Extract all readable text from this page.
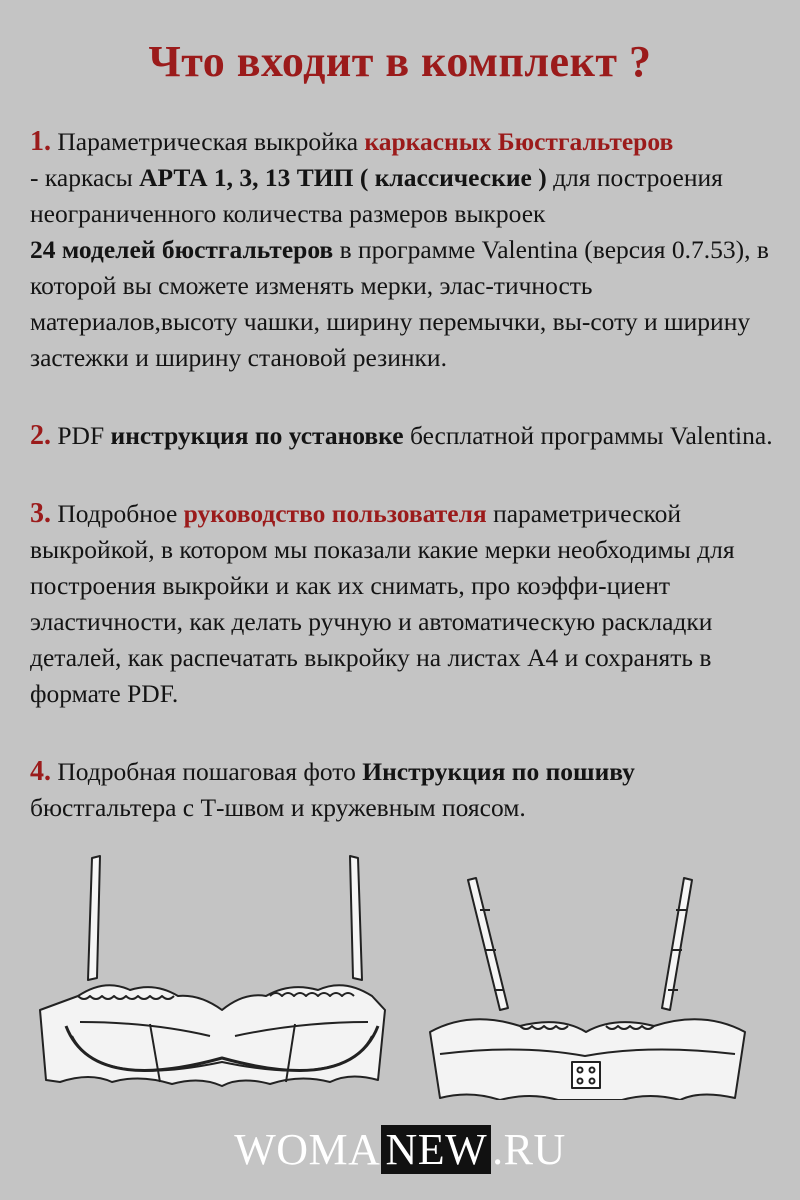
Что входит в комплект ?

1. Параметрическая выкройка каркасных Бюстгальтеров
- каркасы АРТА 1, 3, 13 ТИП ( классические ) для построения неограниченного количества размеров выкроек
24 моделей бюстгальтеров в программе Valentina (версия 0.7.53), в которой вы сможете изменять мерки, элас-тичность материалов,высоту чашки, ширину перемычки, вы-соту и ширину застежки и ширину становой резинки.

2. PDF инструкция по установке бесплатной программы Valentina.

3. Подробное руководство пользователя параметрической выкройкой, в котором мы показали какие мерки необходимы для построения выкройки и как их снимать, про коэффи-циент эластичности, как делать ручную и автоматическую раскладки деталей, как распечатать выкройку на листах А4 и сохранять в формате PDF.

4. Подробная пошаговая фото Инструкция по пошиву бюстгальтера с Т-швом и кружевным поясом.

WOMA NEW .RU
